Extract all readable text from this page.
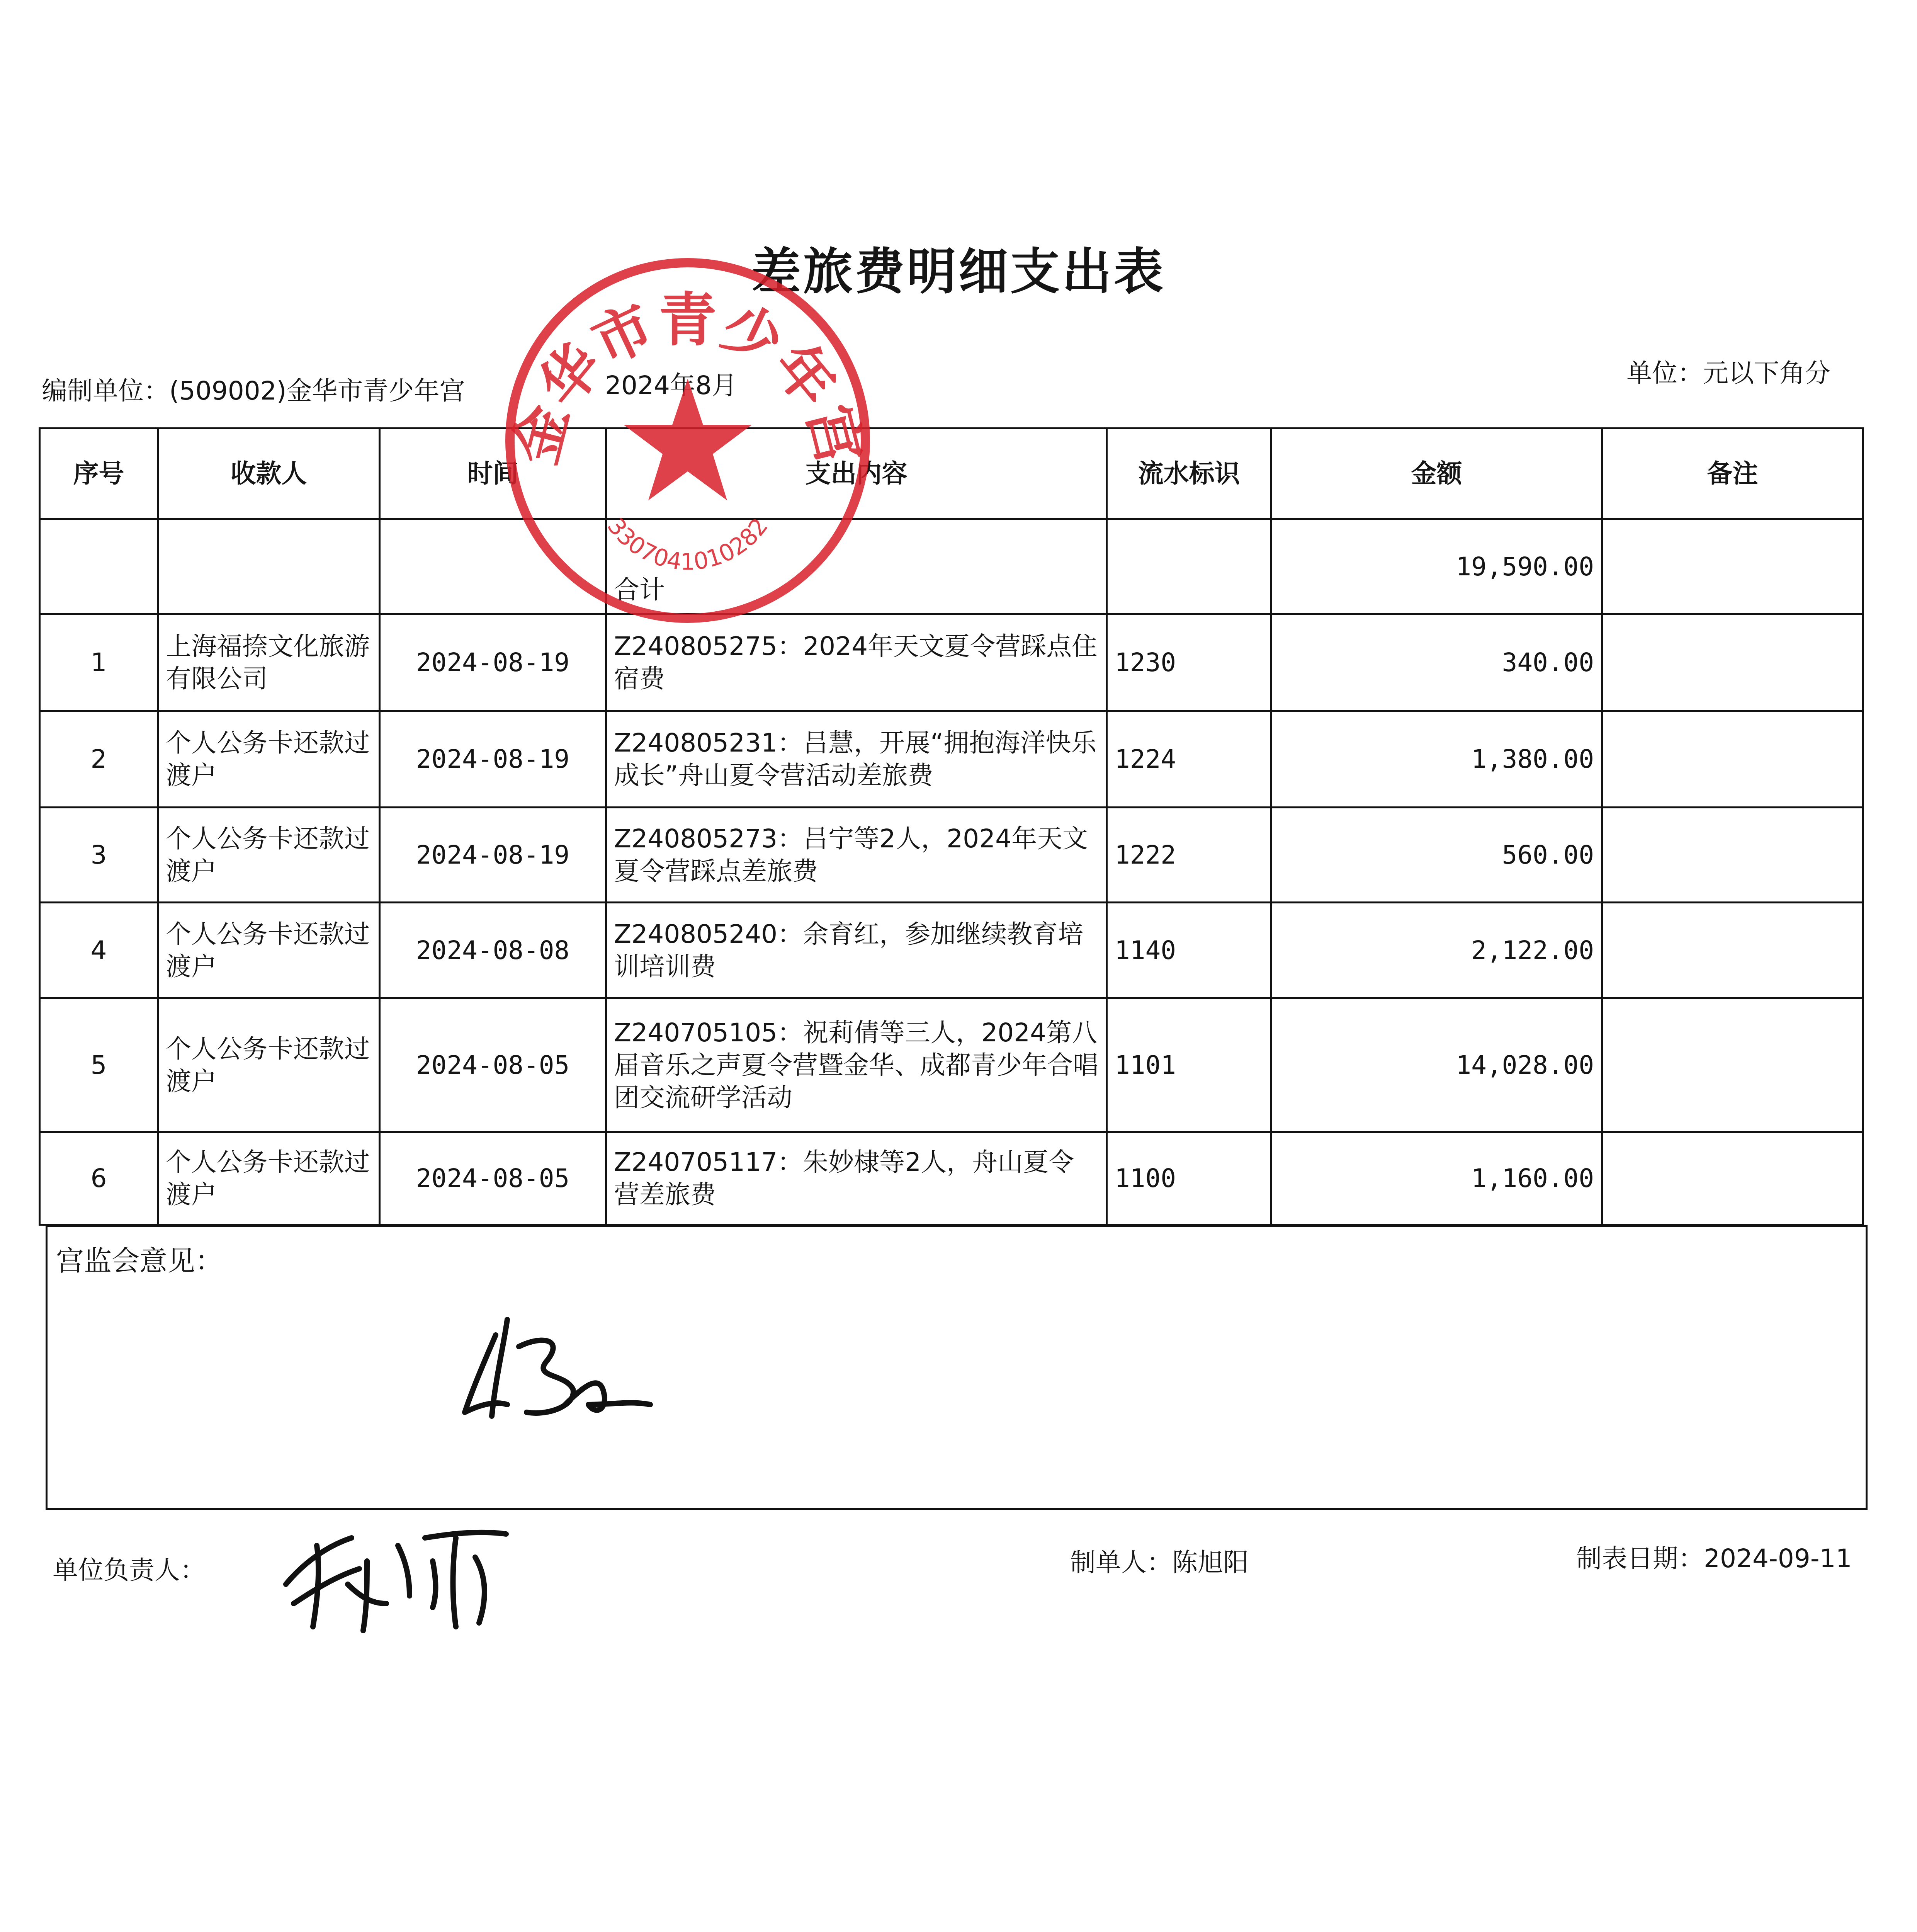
差旅费明细支出表
编制单位：(509002)金华市青少年宫	2024年8月	单位：元以下角分
序号	收款人	时间	支出内容	流水标识	金额	备注
			合计		19,590.00	
1	上海福捺文化旅游有限公司	2024-08-19	Z240805275：2024年天文夏令营踩点住宿费	1230	340.00	
2	个人公务卡还款过渡户	2024-08-19	Z240805231：吕慧，开展“拥抱海洋快乐成长”舟山夏令营活动差旅费	1224	1,380.00	
3	个人公务卡还款过渡户	2024-08-19	Z240805273：吕宁等2人，2024年天文夏令营踩点差旅费	1222	560.00	
4	个人公务卡还款过渡户	2024-08-08	Z240805240：余育红，参加继续教育培训培训费	1140	2,122.00	
5	个人公务卡还款过渡户	2024-08-05	Z240705105：祝莉倩等三人，2024第八届音乐之声夏令营暨金华、成都青少年合唱团交流研学活动	1101	14,028.00	
6	个人公务卡还款过渡户	2024-08-05	Z240705117：朱妙棣等2人，舟山夏令营差旅费	1100	1,160.00	
宫监会意见：
单位负责人：	制单人：陈旭阳	制表日期：2024-09-11
金华市青少年宫
3307041010282
